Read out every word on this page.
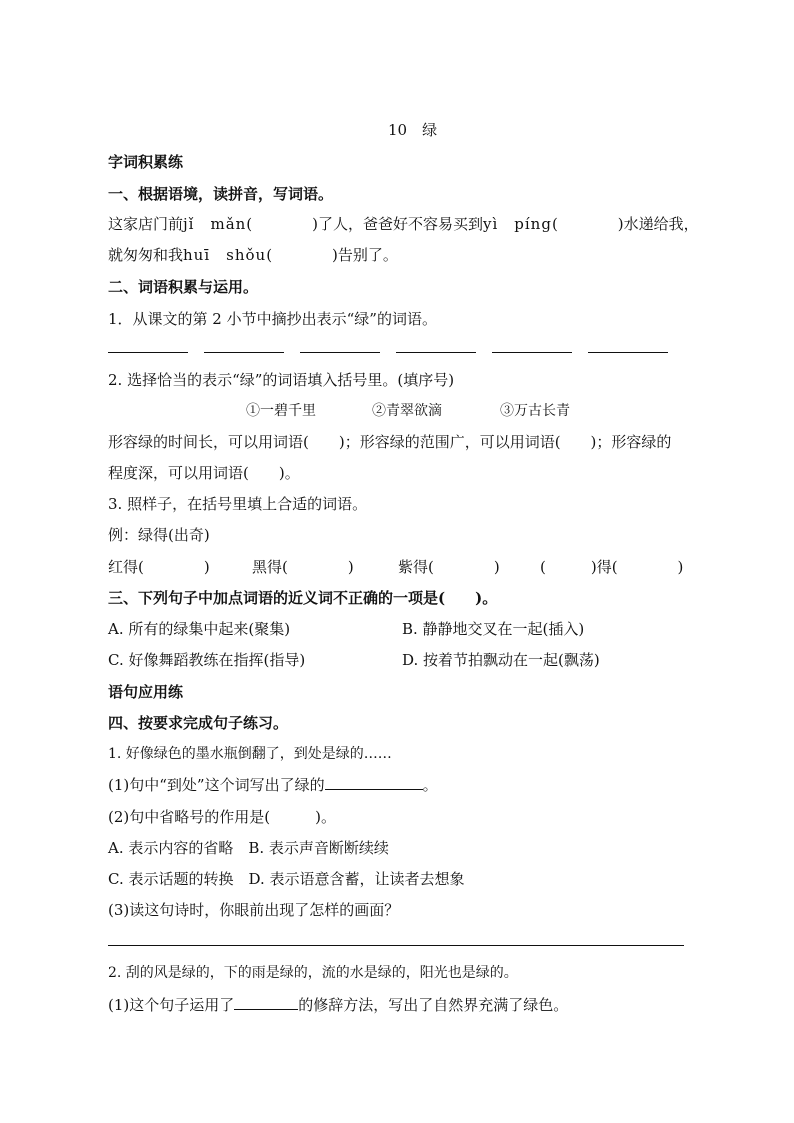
10　绿
字词积累练
一、根据语境，读拼音，写词语。
这家店门前jǐ　mǎn(　　　　)了人，爸爸好不容易买到yì　píng(　　　　)水递给我，
就匆匆和我huī　shǒu(　　　　)告别了。
二、词语积累与运用。
1．从课文的第 2 小节中摘抄出表示“绿”的词语。
2. 选择恰当的表示“绿”的词语填入括号里。(填序号)
①一碧千里	②青翠欲滴	③万古长青
形容绿的时间长，可以用词语(　　)；形容绿的范围广，可以用词语(　　)；形容绿的
程度深，可以用词语(　　)。
3. 照样子，在括号里填上合适的词语。
例：绿得(出奇)
红得(　　　　)	黑得(　　　　)	紫得(　　　　)	(　　　)得(　　　　)
三、下列句子中加点词语的近义词不正确的一项是(　　)。
A. 所有的绿集中起来(聚集)	B. 静静地交叉在一起(插入)
C. 好像舞蹈教练在指挥(指导)	D. 按着节拍飘动在一起(飘荡)
语句应用练
四、按要求完成句子练习。
1. 好像绿色的墨水瓶倒翻了，到处是绿的……
(1)句中“到处”这个词写出了绿的	。
(2)句中省略号的作用是(　　　)。
A. 表示内容的省略　B. 表示声音断断续续
C. 表示话题的转换　D. 表示语意含蓄，让读者去想象
(3)读这句诗时，你眼前出现了怎样的画面？
2. 刮的风是绿的，下的雨是绿的，流的水是绿的，阳光也是绿的。
(1)这个句子运用了	的修辞方法，写出了自然界充满了绿色。
